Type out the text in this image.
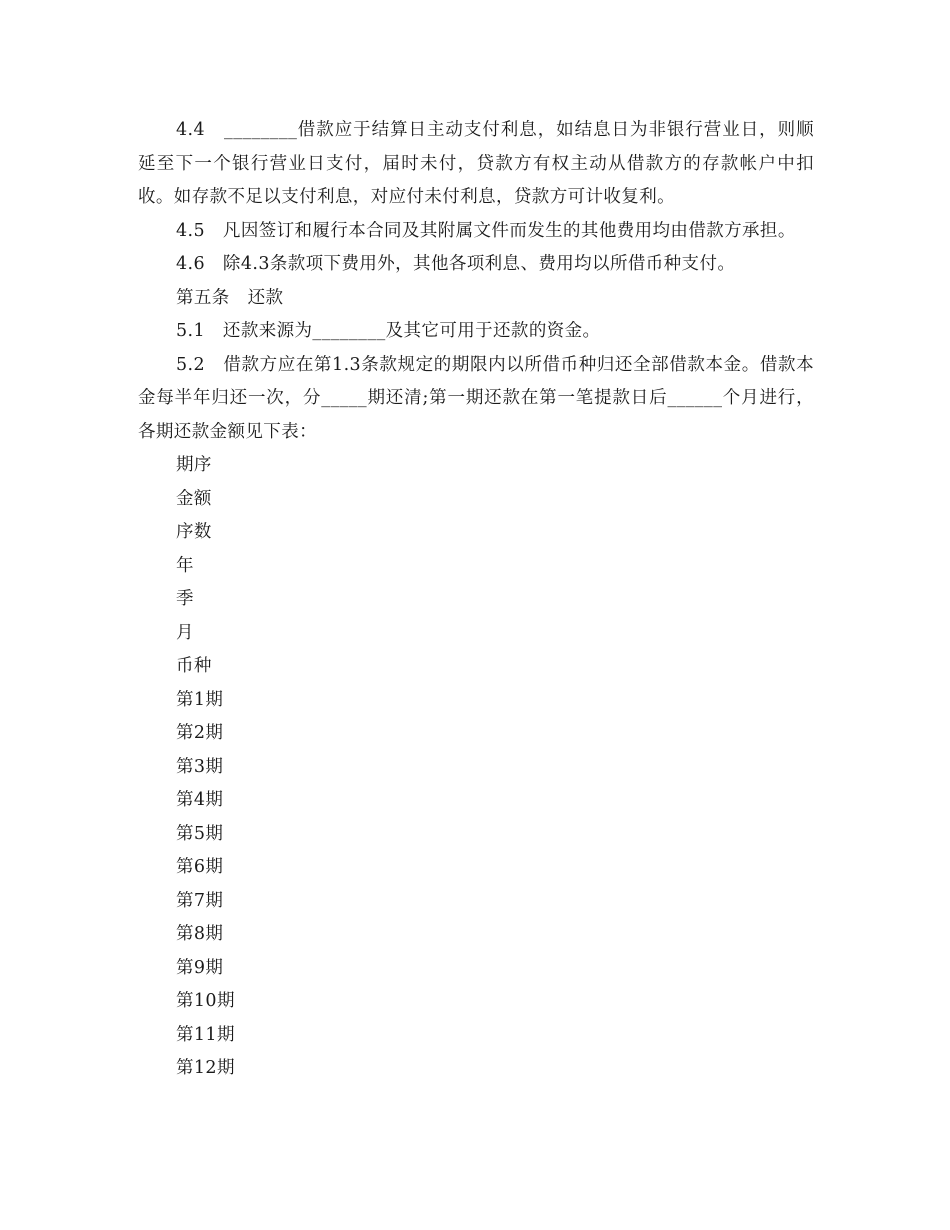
4.4　________借款应于结算日主动支付利息，如结息日为非银行营业日，则顺延至下一个银行营业日支付，届时未付，贷款方有权主动从借款方的存款帐户中扣收。如存款不足以支付利息，对应付未付利息，贷款方可计收复利。

4.5　凡因签订和履行本合同及其附属文件而发生的其他费用均由借款方承担。

4.6　除4.3条款项下费用外，其他各项利息、费用均以所借币种支付。

第五条　还款

5.1　还款来源为________及其它可用于还款的资金。

5.2　借款方应在第1.3条款规定的期限内以所借币种归还全部借款本金。借款本金每半年归还一次，分_____期还清;第一期还款在第一笔提款日后______个月进行，各期还款金额见下表：

期序

金额

序数

年

季

月

币种

第1期

第2期

第3期

第4期

第5期

第6期

第7期

第8期

第9期

第10期

第11期

第12期
